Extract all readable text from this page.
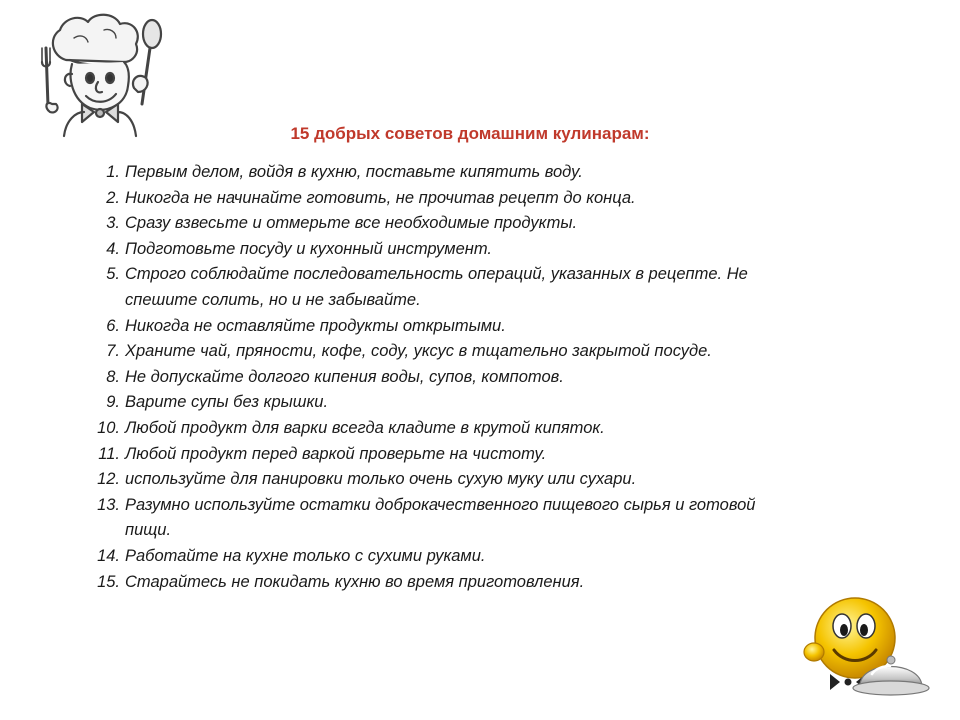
15 добрых советов домашним кулинарам:
1. Первым делом, войдя в кухню, поставьте кипятить воду.
2. Никогда не начинайте готовить, не прочитав рецепт до конца.
3. Сразу взвесьте и отмерьте все необходимые продукты.
4. Подготовьте посуду и кухонный инструмент.
5. Строго соблюдайте последовательность операций, указанных в рецепте. Не спешите солить, но и не забывайте.
6. Никогда не оставляйте продукты открытыми.
7. Храните чай, пряности, кофе, соду, уксус в тщательно закрытой посуде.
8. Не допускайте долгого кипения воды, супов, компотов.
9. Варите супы без крышки.
10. Любой продукт для варки всегда кладите в крутой кипяток.
11. Любой продукт перед варкой проверьте на чистоту.
12. используйте для панировки только очень сухую муку или сухари.
13. Разумно используйте остатки доброкачественного пищевого сырья и готовой пищи.
14. Работайте на кухне только с сухими руками.
15. Старайтесь не покидать кухню во время приготовления.
